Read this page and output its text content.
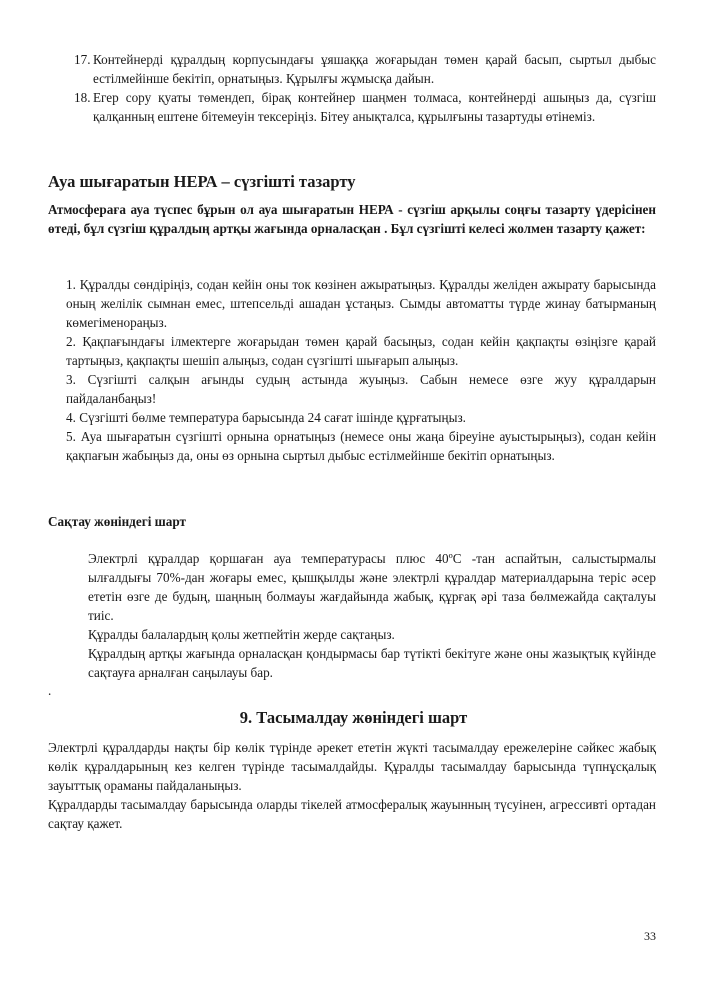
17. Контейнерді құралдың корпусындағы ұяшаққа жоғарыдан төмен қарай басып, сыртыл дыбыс естілмейінше бекітіп, орнатыңыз. Құрылғы жұмысқа дайын.
18. Егер сору қуаты төмендеп, бірақ контейнер шаңмен толмаса, контейнерді ашыңыз да, сүзгіш қалқанның ештене бітемеуін тексеріңіз. Бітеу анықталса, құрылғыны тазартуды өтінеміз.
Ауа шығаратын НЕРА – сүзгішті тазарту
Атмосфераға ауа түспес бұрын ол ауа шығаратын НЕРА - сүзгіш арқылы соңғы тазарту үдерісінен өтеді, бұл сүзгіш құралдың артқы жағында орналасқан . Бұл сүзгішті келесі жолмен тазарту қажет:

1. Құралды сөндіріңіз, содан кейін оны ток көзінен ажыратыңыз. Құралды желіден ажырату барысында оның желілік сымнан емес, штепсельді ашадан ұстаңыз. Сымды автоматты түрде жинау батырманың көмегіменораңыз.

2. Қақпағындағы ілмектерге жоғарыдан төмен қарай басыңыз, содан кейін қақпақты өзіңізге қарай тартыңыз, қақпақты шешіп алыңыз, содан сүзгішті шығарып алыңыз.

3. Сүзгішті салқын ағынды судың астында жуыңыз. Сабын немесе өзге жуу құралдарын пайдаланбаңыз!

4. Сүзгішті бөлме температура барысында 24 сағат ішінде құрғатыңыз.

5. Ауа шығаратын сүзгішті орнына орнатыңыз (немесе оны жаңа біреуіне ауыстырыңыз), содан кейін қақпағын жабыңыз да, оны өз орнына сыртыл дыбыс естілмейінше бекітіп орнатыңыз.

Сақтау жөніндегі шарт

Электрлі құралдар қоршаған ауа температурасы плюс 40ºС -тан аспайтын, салыстырмалы ылғалдығы 70%-дан жоғары емес, қышқылды және электрлі құралдар материалдарына теріс әсер ететін өзге де будың, шаңның болмауы жағдайында жабық, құрғақ әрі таза бөлмежайда сақталуы тиіс.

Құралды балалардың қолы жетпейтін жерде сақтаңыз.

Құралдың артқы жағында орналасқан қондырмасы бар түтікті бекітуге және оны жазықтық күйінде сақтауға арналған саңылауы бар.

.
9. Тасымалдау жөніндегі шарт

Электрлі құралдарды нақты бір көлік түрінде әрекет ететін жүкті тасымалдау ережелеріне сәйкес жабық көлік құралдарының кез келген түрінде тасымалдайды. Құралды тасымалдау барысында түпнұсқалық зауыттық ораманы пайдаланыңыз.

Құралдарды тасымалдау барысында оларды тікелей атмосфералық жауынның түсуінен, агрессивті ортадан сақтау қажет.

33
